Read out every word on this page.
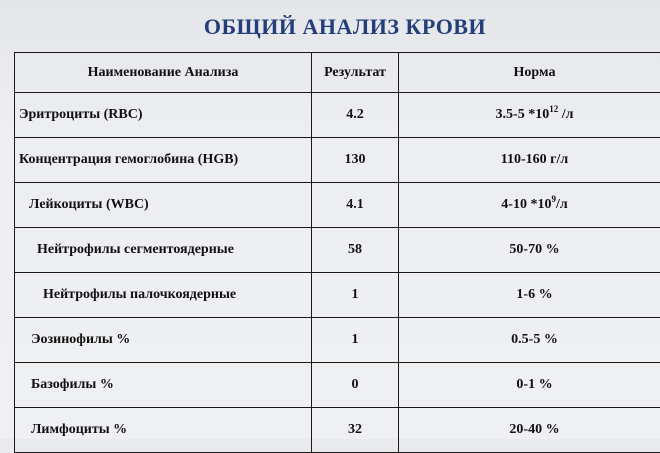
ОБЩИЙ АНАЛИЗ КРОВИ
Наименование Анализа	Результат	Норма
Эритроциты (RBC)	4.2	3.5-5 $*10^{12}$ /л
Концентрация гемоглобина (HGB)	130	110-160 г/л
Лейкоциты (WBC)	4.1	4-10 $*10^9/л$
Нейтрофилы сегментоядерные	58	50-70 %
Нейтрофилы палочкоядерные	1	1-6 %
Эозинофилы %	1	0.5-5 %
Базофилы %	0	0-1 %
Лимфоциты %	32	20-40 %
